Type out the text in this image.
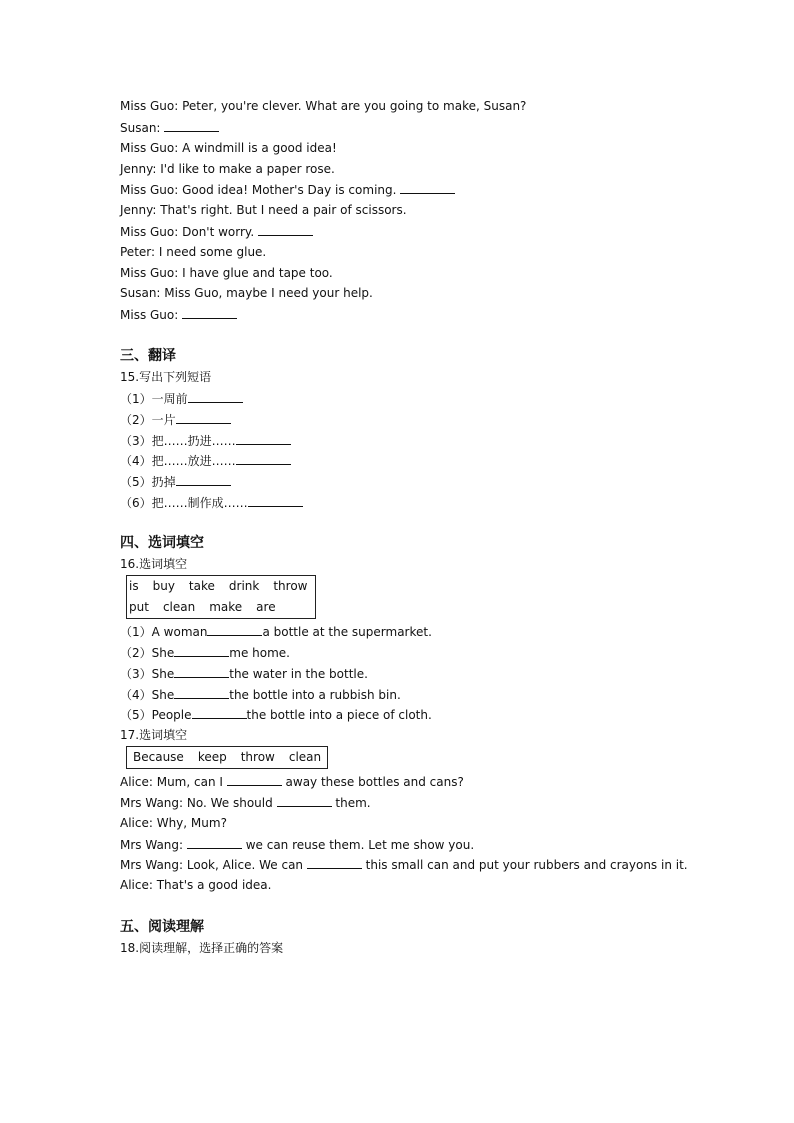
Miss Guo: Peter, you're clever. What are you going to make, Susan?

Susan:

Miss Guo: A windmill is a good idea!

Jenny: I'd like to make a paper rose.

Miss Guo: Good idea! Mother's Day is coming.

Jenny: That's right. But I need a pair of scissors.

Miss Guo: Don't worry.

Peter: I need some glue.

Miss Guo: I have glue and tape too.

Susan: Miss Guo, maybe I need your help.

Miss Guo:

三、翻译

15.写出下列短语

（1）一周前

（2）一片

（3）把……扔进……

（4）把……放进……

（5）扔掉

（6）把……制作成……

四、选词填空

16.选词填空

is buy take drink throw
put clean make are

（1）A woman	a bottle at the supermarket.

（2）She	me home.

（3）She	the water in the bottle.

（4）She	the bottle into a rubbish bin.

（5）People	the bottle into a piece of cloth.

17.选词填空

Because keep throw clean

Alice: Mum, can I	away these bottles and cans?

Mrs Wang: No. We should	them.

Alice: Why, Mum?

Mrs Wang:	we can reuse them. Let me show you.

Mrs Wang: Look, Alice. We can	this small can and put your rubbers and crayons in it.

Alice: That's a good idea.

五、阅读理解

18.阅读理解，选择正确的答案
